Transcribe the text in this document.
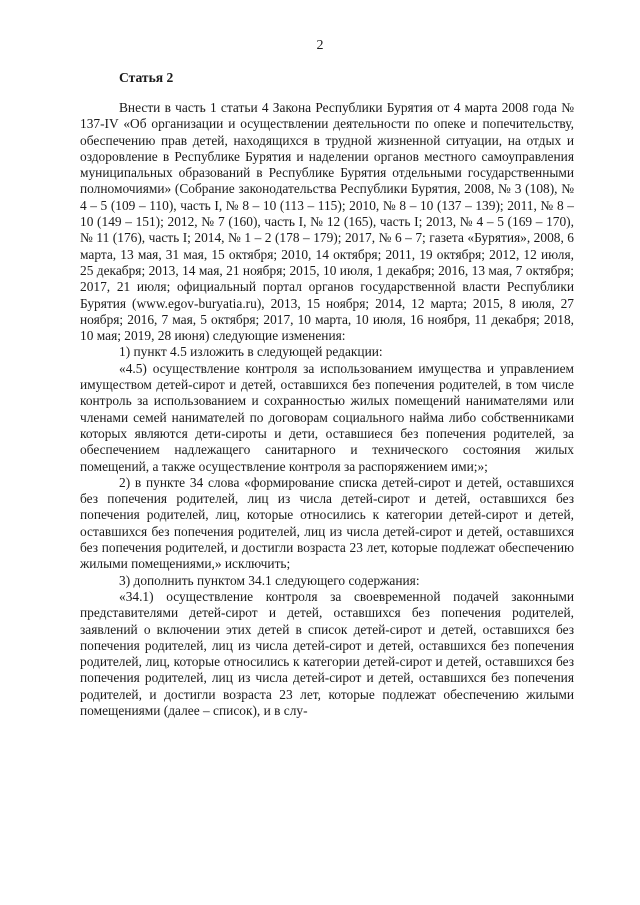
2
Статья 2

Внести в часть 1 статьи 4 Закона Республики Бурятия от 4 марта 2008 года № 137-IV «Об организации и осуществлении деятельности по опеке и попечительству, обеспечению прав детей, находящихся в трудной жизненной ситуации, на отдых и оздоровление в Республике Бурятия и наделении органов местного самоуправления муниципальных образований в Республике Бурятия отдельными государственными полномочиями» (Собрание законодательства Республики Бурятия, 2008, № 3 (108), № 4 – 5 (109 – 110), часть I, № 8 – 10 (113 – 115); 2010, № 8 – 10 (137 – 139); 2011, № 8 – 10 (149 – 151); 2012, № 7 (160), часть I, № 12 (165), часть I; 2013, № 4 – 5 (169 – 170), № 11 (176), часть I; 2014, № 1 – 2 (178 – 179); 2017, № 6 – 7; газета «Бурятия», 2008, 6 марта, 13 мая, 31 мая, 15 октября; 2010, 14 октября; 2011, 19 октября; 2012, 12 июля, 25 декабря; 2013, 14 мая, 21 ноября; 2015, 10 июля, 1 декабря; 2016, 13 мая, 7 октября; 2017, 21 июля; официальный портал органов государственной власти Республики Бурятия (www.egov-buryatia.ru), 2013, 15 ноября; 2014, 12 марта; 2015, 8 июля, 27 ноября; 2016, 7 мая, 5 октября; 2017, 10 марта, 10 июля, 16 ноября, 11 декабря; 2018, 10 мая; 2019, 28 июня) следующие изменения:

1) пункт 4.5 изложить в следующей редакции:

«4.5) осуществление контроля за использованием имущества и управлением имуществом детей-сирот и детей, оставшихся без попечения родителей, в том числе контроль за использованием и сохранностью жилых помещений нанимателями или членами семей нанимателей по договорам социального найма либо собственниками которых являются дети-сироты и дети, оставшиеся без попечения родителей, за обеспечением надлежащего санитарного и технического состояния жилых помещений, а также осуществление контроля за распоряжением ими;»;

2) в пункте 34 слова «формирование списка детей-сирот и детей, оставшихся без попечения родителей, лиц из числа детей-сирот и детей, оставшихся без попечения родителей, лиц, которые относились к категории детей-сирот и детей, оставшихся без попечения родителей, лиц из числа детей-сирот и детей, оставшихся без попечения родителей, и достигли возраста 23 лет, которые подлежат обеспечению жилыми помещениями,» исключить;

3) дополнить пунктом 34.1 следующего содержания:

«34.1) осуществление контроля за своевременной подачей законными представителями детей-сирот и детей, оставшихся без попечения родителей, заявлений о включении этих детей в список детей-сирот и детей, оставшихся без попечения родителей, лиц из числа детей-сирот и детей, оставшихся без попечения родителей, лиц, которые относились к категории детей-сирот и детей, оставшихся без попечения родителей, лиц из числа детей-сирот и детей, оставшихся без попечения родителей, и достигли возраста 23 лет, которые подлежат обеспечению жилыми помещениями (далее – список), и в слу-
